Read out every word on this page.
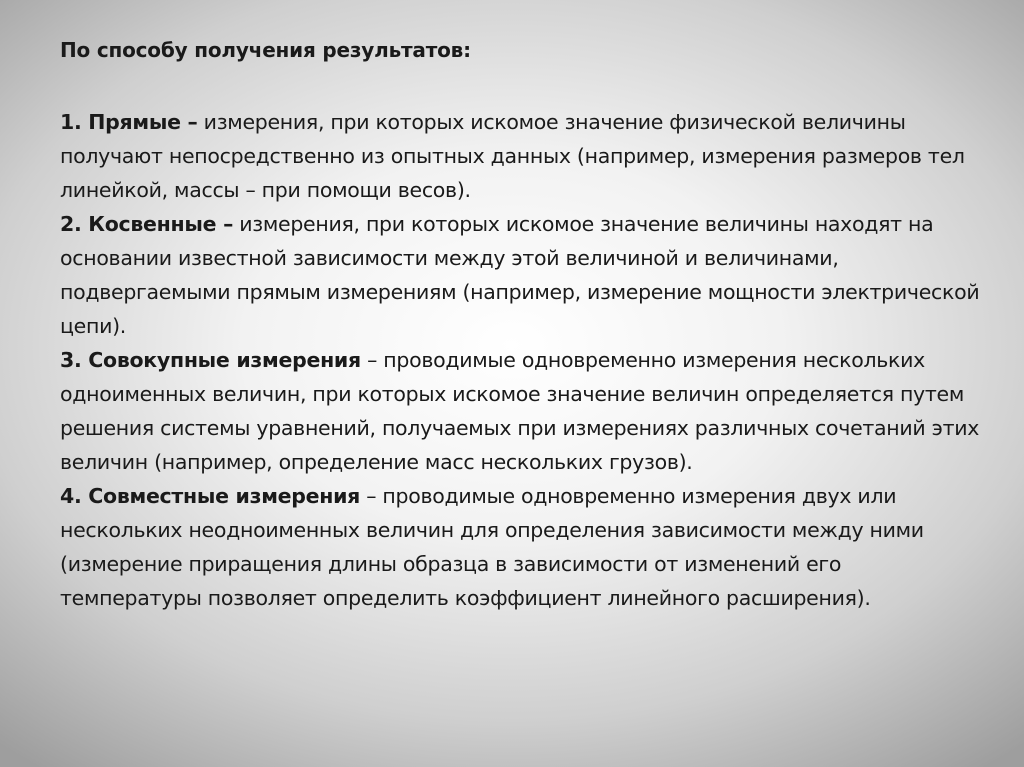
По способу получения результатов:

1. Прямые – измерения, при которых искомое значение физической величины получают непосредственно из опытных данных (например, измерения размеров тел линейкой, массы – при помощи весов).

2. Косвенные – измерения, при которых искомое значение величины находят на основании известной зависимости между этой величиной и величинами, подвергаемыми прямым измерениям (например, измерение мощности электрической цепи).

3. Совокупные измерения – проводимые одновременно измерения нескольких одноименных величин, при которых искомое значение величин определяется путем решения системы уравнений, получаемых при измерениях различных сочетаний этих величин (например, определение масс нескольких грузов).

4. Совместные измерения – проводимые одновременно измерения двух или нескольких неодноименных величин для определения зависимости между ними (измерение приращения длины образца в зависимости от изменений его температуры позволяет определить коэффициент линейного расширения).
